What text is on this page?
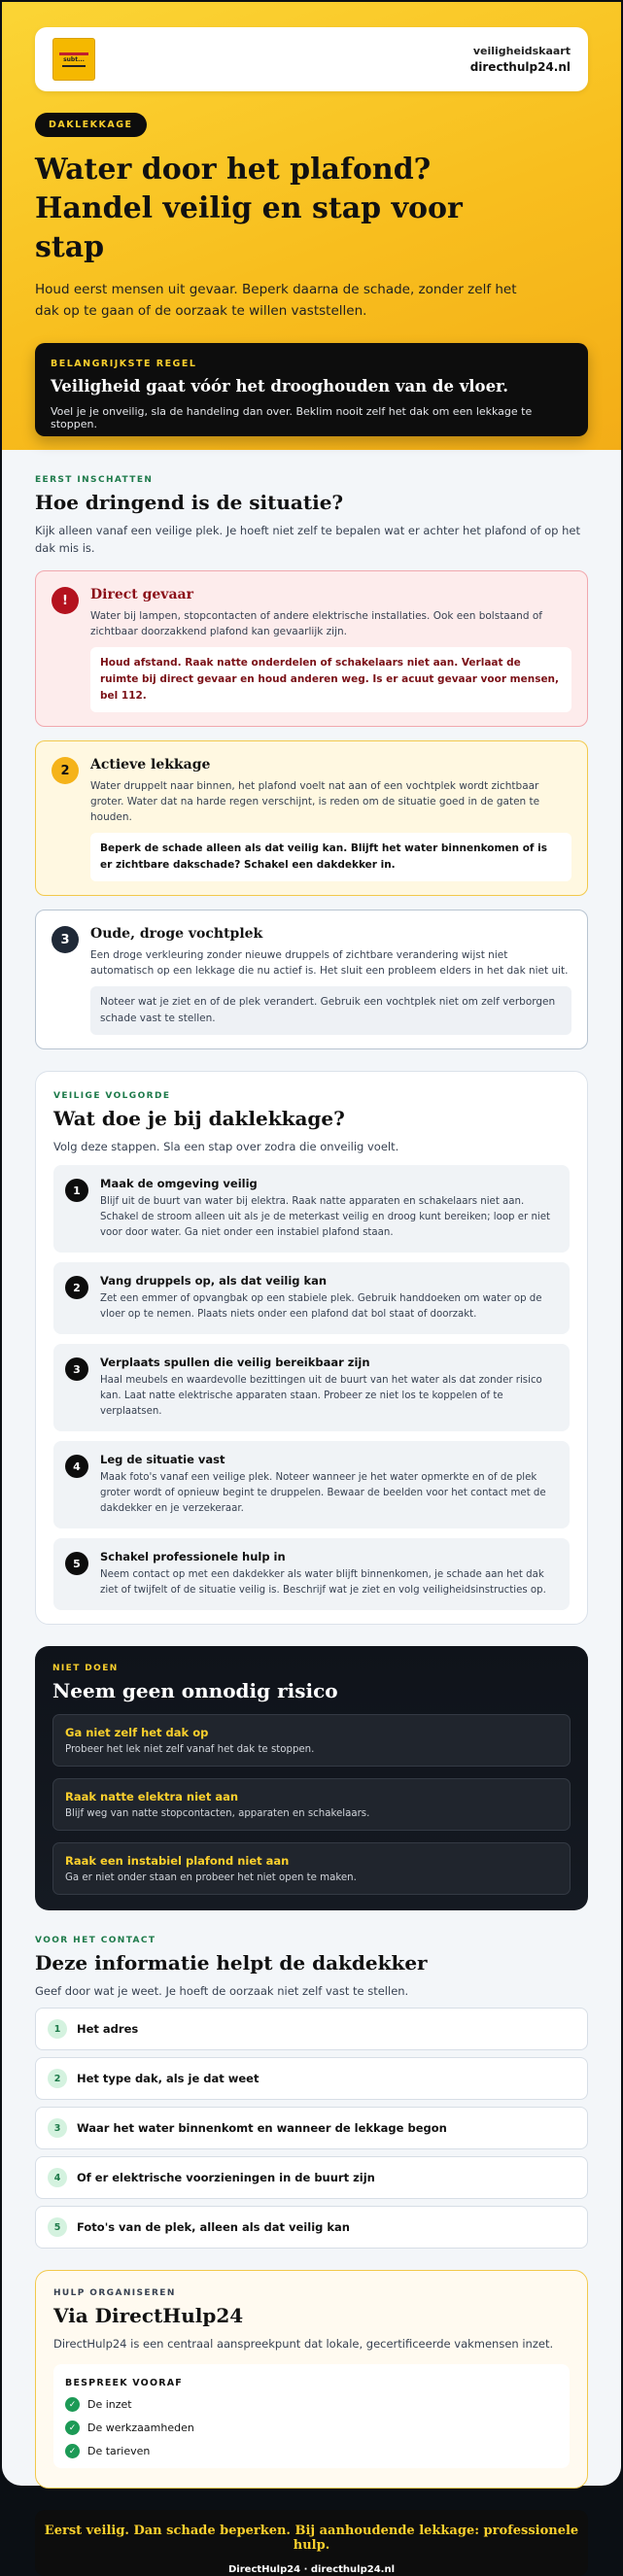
subt...
veiligheidskaart
directhulp24.nl
DAKLEKKAGE
Water door het plafond? Handel veilig en stap voor stap

Houd eerst mensen uit gevaar. Beperk daarna de schade, zonder zelf het dak op te gaan of de oorzaak te willen vaststellen.

BELANGRIJKSTE REGEL
Veiligheid gaat vóór het drooghouden van de vloer.
Voel je je onveilig, sla de handeling dan over. Beklim nooit zelf het dak om een lekkage te stoppen.
EERST INSCHATTEN
Hoe dringend is de situatie?
Kijk alleen vanaf een veilige plek. Je hoeft niet zelf te bepalen wat er achter het plafond of op het dak mis is.
!	Direct gevaar
Water bij lampen, stopcontacten of andere elektrische installaties. Ook een bolstaand of zichtbaar doorzakkend plafond kan gevaarlijk zijn.
Houd afstand. Raak natte onderdelen of schakelaars niet aan. Verlaat de ruimte bij direct gevaar en houd anderen weg. Is er acuut gevaar voor mensen, bel 112.
2	Actieve lekkage
Water druppelt naar binnen, het plafond voelt nat aan of een vochtplek wordt zichtbaar groter. Water dat na harde regen verschijnt, is reden om de situatie goed in de gaten te houden.
Beperk de schade alleen als dat veilig kan. Blijft het water binnenkomen of is er zichtbare dakschade? Schakel een dakdekker in.
3	Oude, droge vochtplek
Een droge verkleuring zonder nieuwe druppels of zichtbare verandering wijst niet automatisch op een lekkage die nu actief is. Het sluit een probleem elders in het dak niet uit.
Noteer wat je ziet en of de plek verandert. Gebruik een vochtplek niet om zelf verborgen schade vast te stellen.
VEILIGE VOLGORDE
Wat doe je bij daklekkage?
Volg deze stappen. Sla een stap over zodra die onveilig voelt.
1	Maak de omgeving veilig
Blijf uit de buurt van water bij elektra. Raak natte apparaten en schakelaars niet aan. Schakel de stroom alleen uit als je de meterkast veilig en droog kunt bereiken; loop er niet voor door water. Ga niet onder een instabiel plafond staan.
2	Vang druppels op, als dat veilig kan
Zet een emmer of opvangbak op een stabiele plek. Gebruik handdoeken om water op de vloer op te nemen. Plaats niets onder een plafond dat bol staat of doorzakt.
3	Verplaats spullen die veilig bereikbaar zijn
Haal meubels en waardevolle bezittingen uit de buurt van het water als dat zonder risico kan. Laat natte elektrische apparaten staan. Probeer ze niet los te koppelen of te verplaatsen.
4	Leg de situatie vast
Maak foto's vanaf een veilige plek. Noteer wanneer je het water opmerkte en of de plek groter wordt of opnieuw begint te druppelen. Bewaar de beelden voor het contact met de dakdekker en je verzekeraar.
5	Schakel professionele hulp in
Neem contact op met een dakdekker als water blijft binnenkomen, je schade aan het dak ziet of twijfelt of de situatie veilig is. Beschrijf wat je ziet en volg veiligheidsinstructies op.
NIET DOEN
Neem geen onnodig risico
Ga niet zelf het dak op
Probeer het lek niet zelf vanaf het dak te stoppen.
Raak natte elektra niet aan
Blijf weg van natte stopcontacten, apparaten en schakelaars.
Raak een instabiel plafond niet aan
Ga er niet onder staan en probeer het niet open te maken.
VOOR HET CONTACT
Deze informatie helpt de dakdekker
Geef door wat je weet. Je hoeft de oorzaak niet zelf vast te stellen.
1	Het adres
2	Het type dak, als je dat weet
3	Waar het water binnenkomt en wanneer de lekkage begon
4	Of er elektrische voorzieningen in de buurt zijn
5	Foto's van de plek, alleen als dat veilig kan
HULP ORGANISEREN
Via DirectHulp24
DirectHulp24 is een centraal aanspreekpunt dat lokale, gecertificeerde vakmensen inzet.
BESPREEK VOORAF
✓	De inzet
✓	De werkzaamheden
✓	De tarieven
Eerst veilig. Dan schade beperken. Bij aanhoudende lekkage: professionele hulp.
DirectHulp24 · directhulp24.nl
